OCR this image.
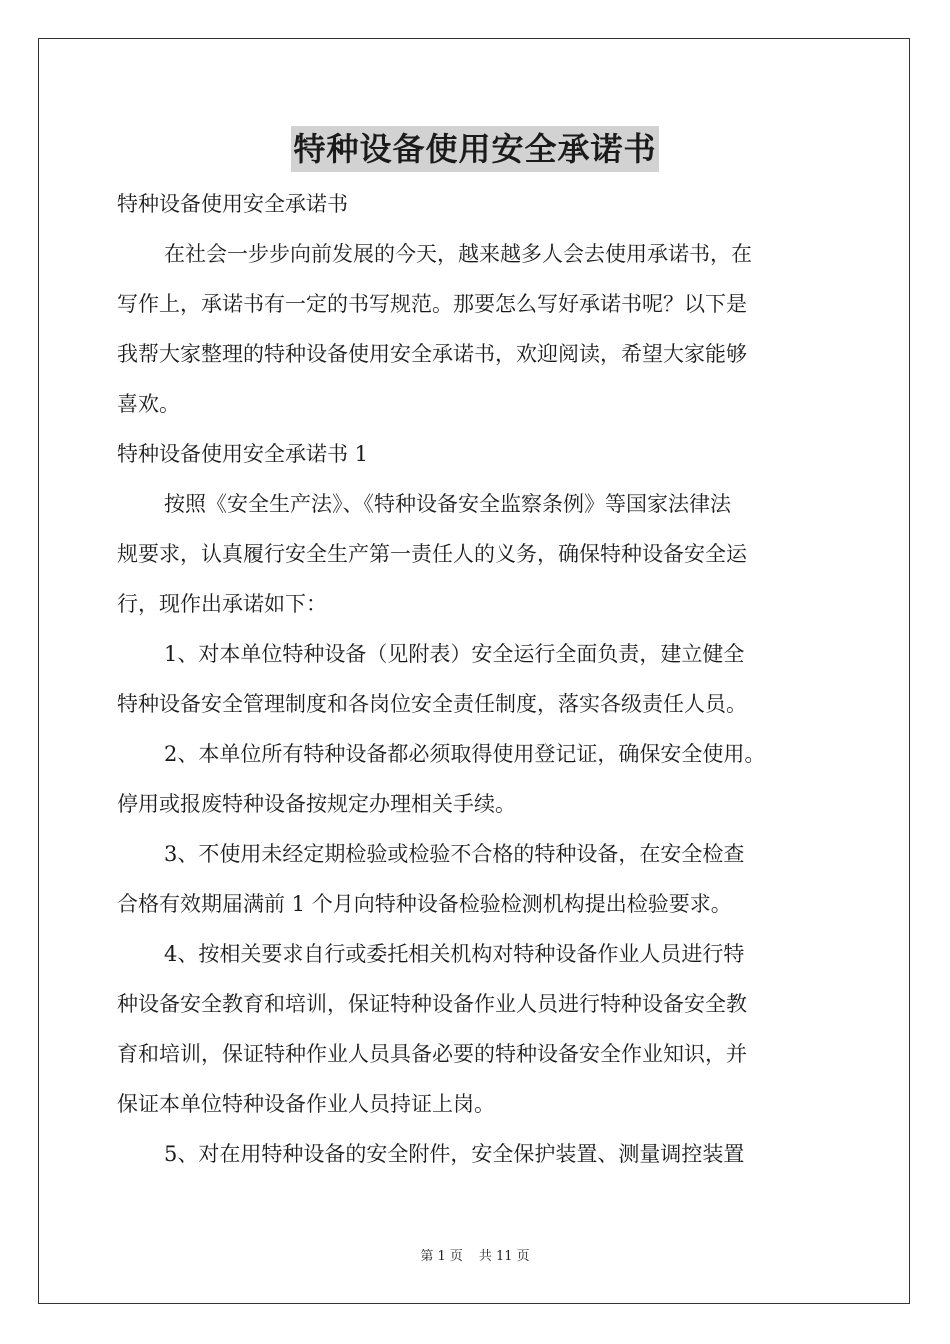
特种设备使用安全承诺书
特种设备使用安全承诺书
在社会一步步向前发展的今天，越来越多人会去使用承诺书，在
写作上，承诺书有一定的书写规范。那要怎么写好承诺书呢？以下是
我帮大家整理的特种设备使用安全承诺书，欢迎阅读，希望大家能够
喜欢。
特种设备使用安全承诺书 1
按照《安全生产法》、《特种设备安全监察条例》等国家法律法
规要求，认真履行安全生产第一责任人的义务，确保特种设备安全运
行，现作出承诺如下：
1、对本单位特种设备（见附表）安全运行全面负责，建立健全
特种设备安全管理制度和各岗位安全责任制度，落实各级责任人员。
2、本单位所有特种设备都必须取得使用登记证，确保安全使用。
停用或报废特种设备按规定办理相关手续。
3、不使用未经定期检验或检验不合格的特种设备，在安全检查
合格有效期届满前 1 个月向特种设备检验检测机构提出检验要求。
4、按相关要求自行或委托相关机构对特种设备作业人员进行特
种设备安全教育和培训，保证特种设备作业人员进行特种设备安全教
育和培训，保证特种作业人员具备必要的特种设备安全作业知识，并
保证本单位特种设备作业人员持证上岗。
5、对在用特种设备的安全附件，安全保护装置、测量调控装置
第 1 页 共 11 页
